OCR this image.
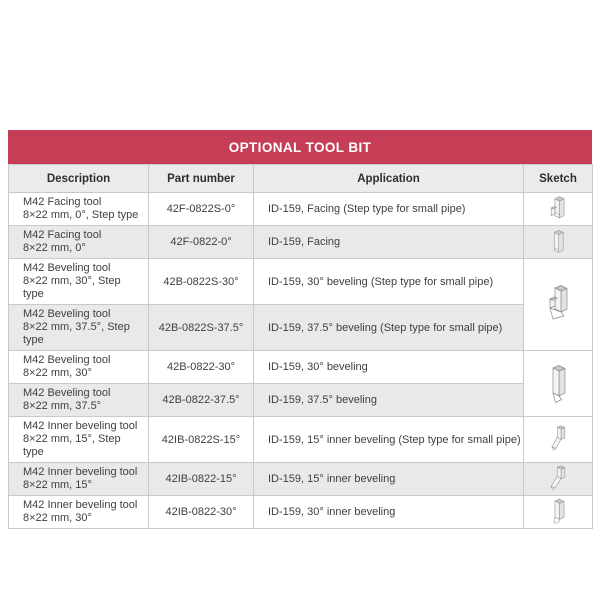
OPTIONAL TOOL BIT
Description	Part number	Application	Sketch

M42 Facing tool
8×22 mm, 0°, Step type	42F-0822S-0°	ID-159, Facing (Step type for small pipe)	

M42 Facing tool
8×22 mm, 0°	42F-0822-0°	ID-159, Facing	

M42 Beveling tool
8×22 mm, 30°, Step type	42B-0822S-30°	ID-159, 30° beveling (Step type for small pipe)	

M42 Beveling tool
8×22 mm, 37.5°, Step type	42B-0822S-37.5°	ID-159, 37.5° beveling (Step type for small pipe)	

M42 Beveling tool
8×22 mm, 30°	42B-0822-30°	ID-159, 30° beveling	

M42 Beveling tool
8×22 mm, 37.5°	42B-0822-37.5°	ID-159, 37.5° beveling	

M42 Inner beveling tool
8×22 mm, 15°, Step type	42IB-0822S-15°	ID-159, 15° inner beveling (Step type for small pipe)	

M42 Inner beveling tool
8×22 mm, 15°	42IB-0822-15°	ID-159, 15° inner beveling	

M42 Inner beveling tool
8×22 mm, 30°	42IB-0822-30°	ID-159, 30° inner beveling	
